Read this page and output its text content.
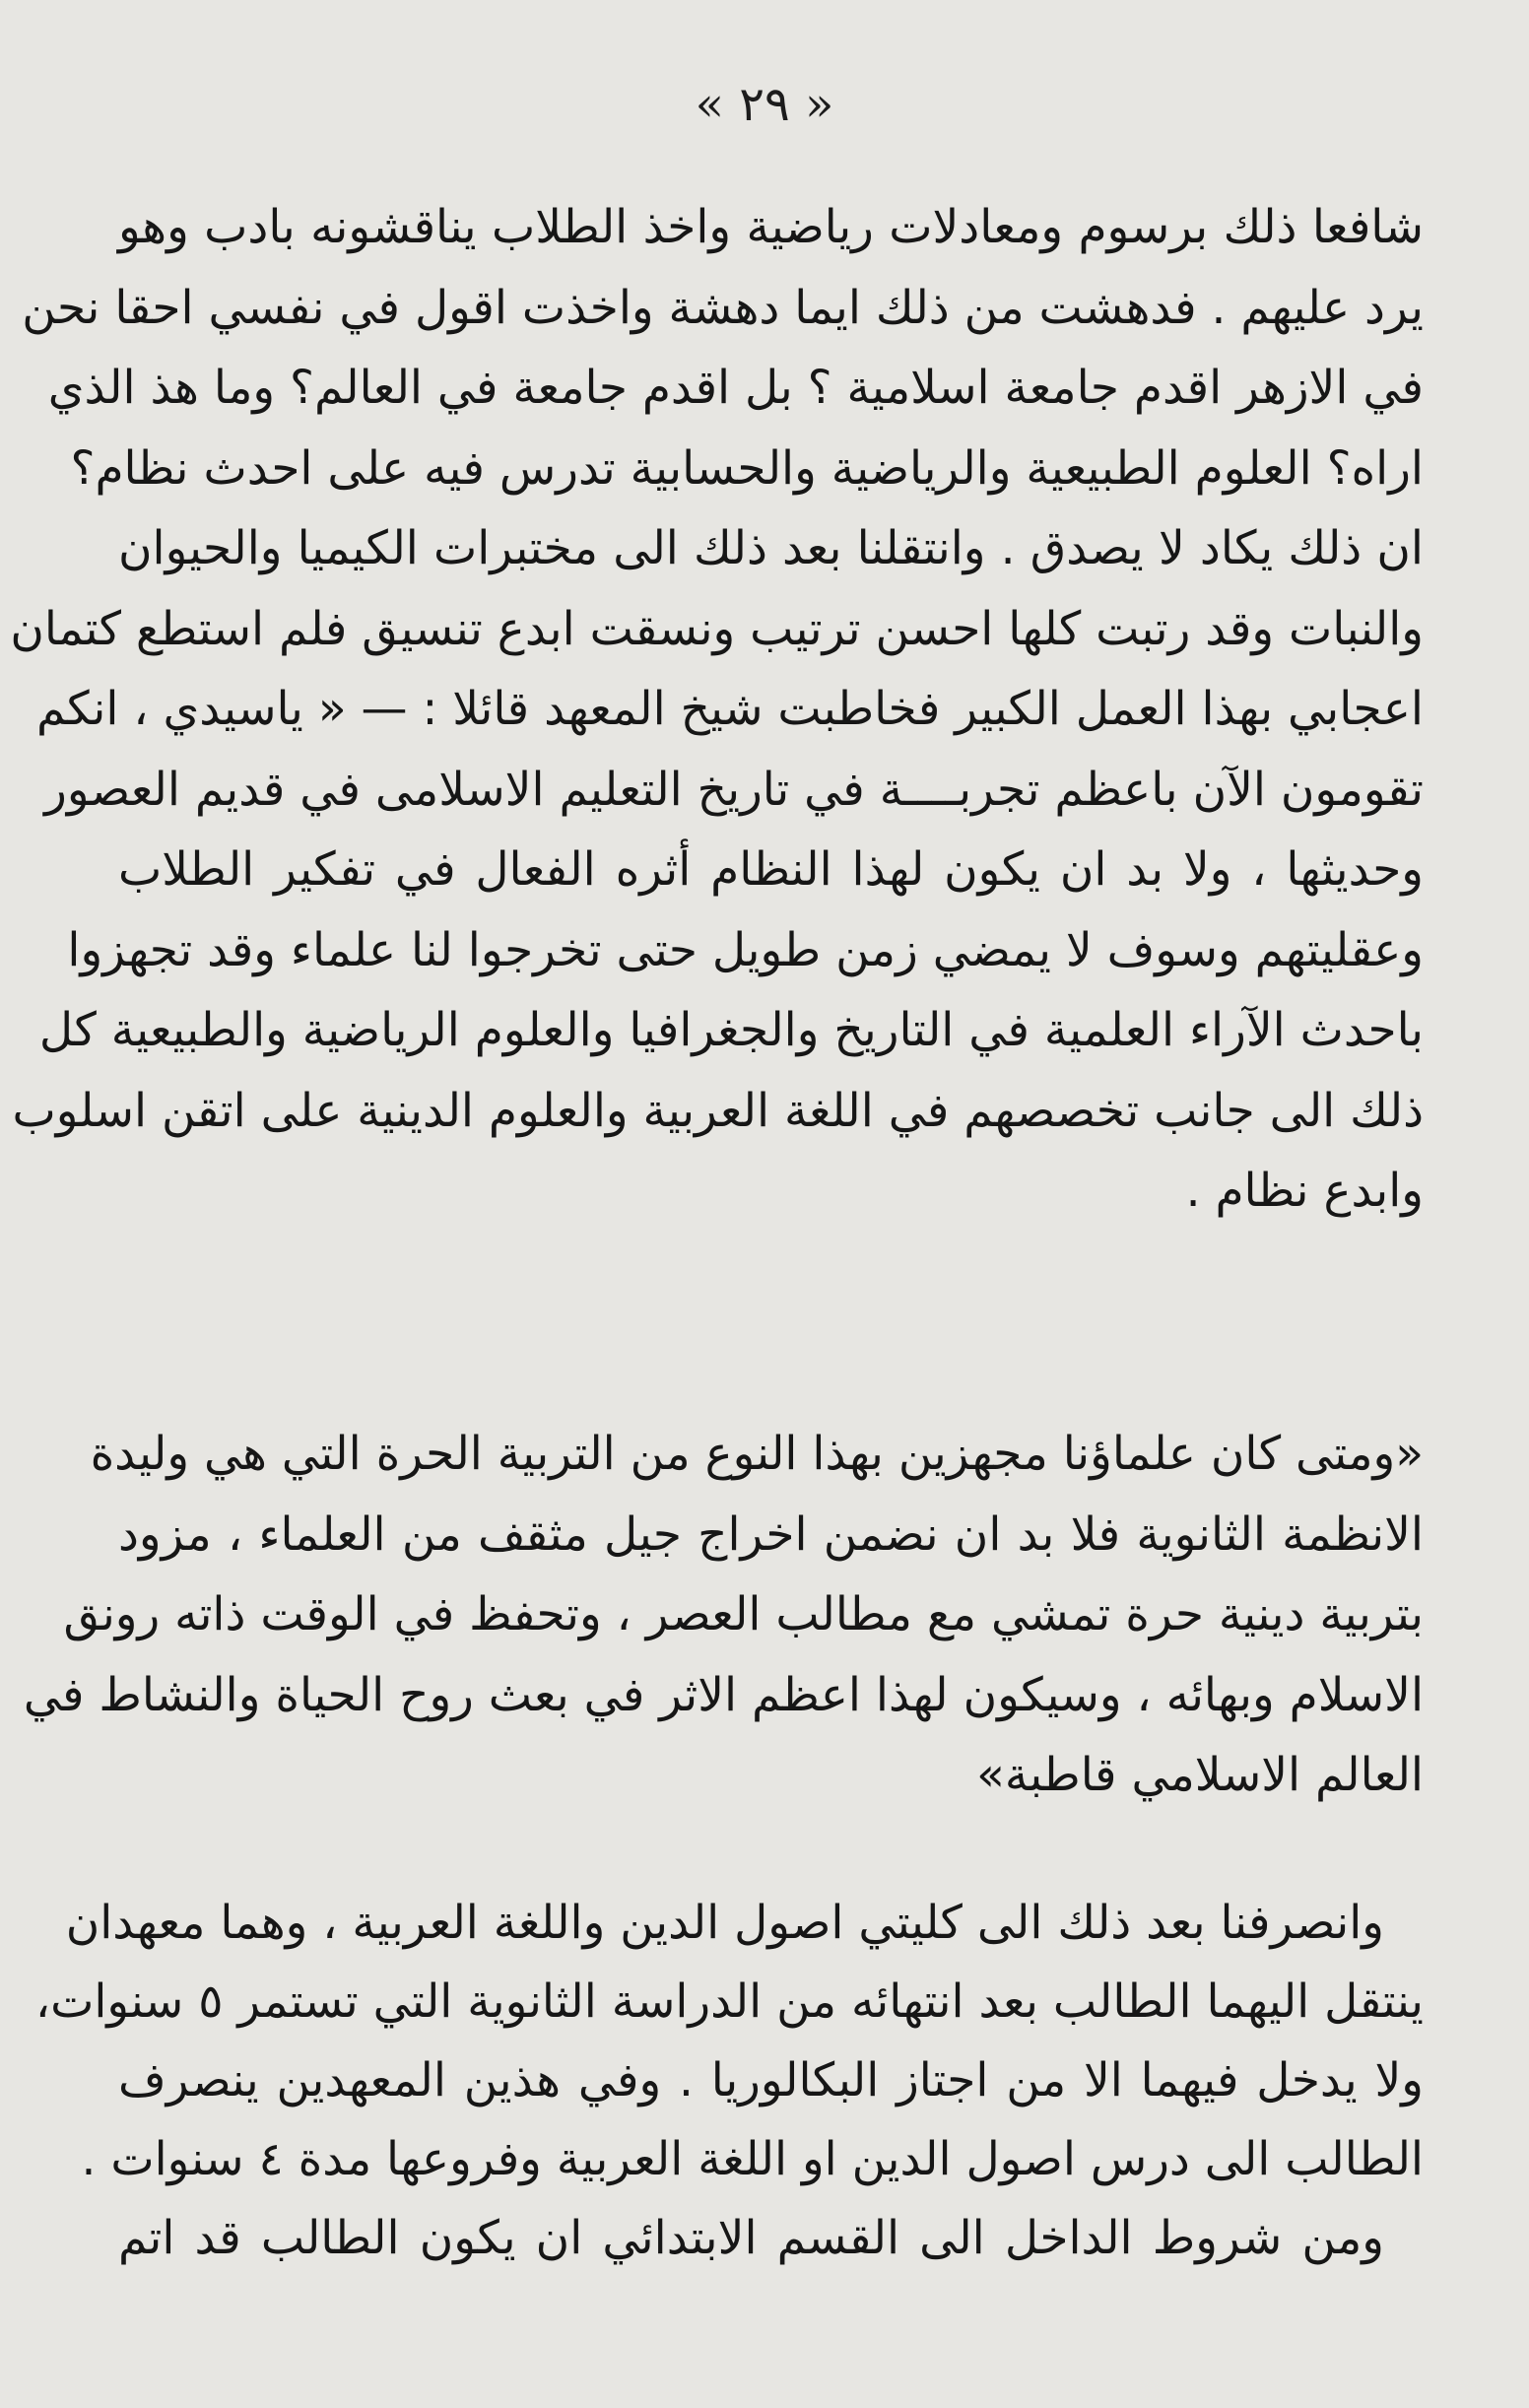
« ٢٩ »
شافعا ذلك برسوم ومعادلات رياضية واخذ الطلاب يناقشونه بادب وهو
يرد عليهم . فدهشت من ذلك ايما دهشة واخذت اقول في نفسي احقا نحن
في الازهر اقدم جامعة اسلامية ؟ بل اقدم جامعة في العالم؟ وما هذ الذي
اراه؟ العلوم الطبيعية والرياضية والحسابية تدرس فيه على احدث نظام؟
ان ذلك يكاد لا يصدق . وانتقلنا بعد ذلك الى مختبرات الكيميا والحيوان
والنبات وقد رتبت كلها احسن ترتيب ونسقت ابدع تنسيق فلم استطع كتمان
اعجابي بهذا العمل الكبير فخاطبت شيخ المعهد قائلا : — « ياسيدي ، انكم
تقومون الآن باعظم تجربــــة في تاريخ التعليم الاسلامى في قديم العصور
وحديثها ، ولا بد ان يكون لهذا النظام أثره الفعال في تفكير الطلاب
وعقليتهم وسوف لا يمضي زمن طويل حتى تخرجوا لنا علماء وقد تجهزوا
باحدث الآراء العلمية في التاريخ والجغرافيا والعلوم الرياضية والطبيعية كل
ذلك الى جانب تخصصهم في اللغة العربية والعلوم الدينية على اتقن اسلوب
وابدع نظام .
«ومتى كان علماؤنا مجهزين بهذا النوع من التربية الحرة التي هي وليدة
الانظمة الثانوية فلا بد ان نضمن اخراج جيل مثقف من العلماء ، مزود
بتربية دينية حرة تمشي مع مطالب العصر ، وتحفظ في الوقت ذاته رونق
الاسلام وبهائه ، وسيكون لهذا اعظم الاثر في بعث روح الحياة والنشاط في
العالم الاسلامي قاطبة»
وانصرفنا بعد ذلك الى كليتي اصول الدين واللغة العربية ، وهما معهدان
ينتقل اليهما الطالب بعد انتهائه من الدراسة الثانوية التي تستمر ٥ سنوات،
ولا يدخل فيهما الا من اجتاز البكالوريا . وفي هذين المعهدين ينصرف
الطالب الى درس اصول الدين او اللغة العربية وفروعها مدة ٤ سنوات .
ومن شروط الداخل الى القسم الابتدائي ان يكون الطالب قد اتم
